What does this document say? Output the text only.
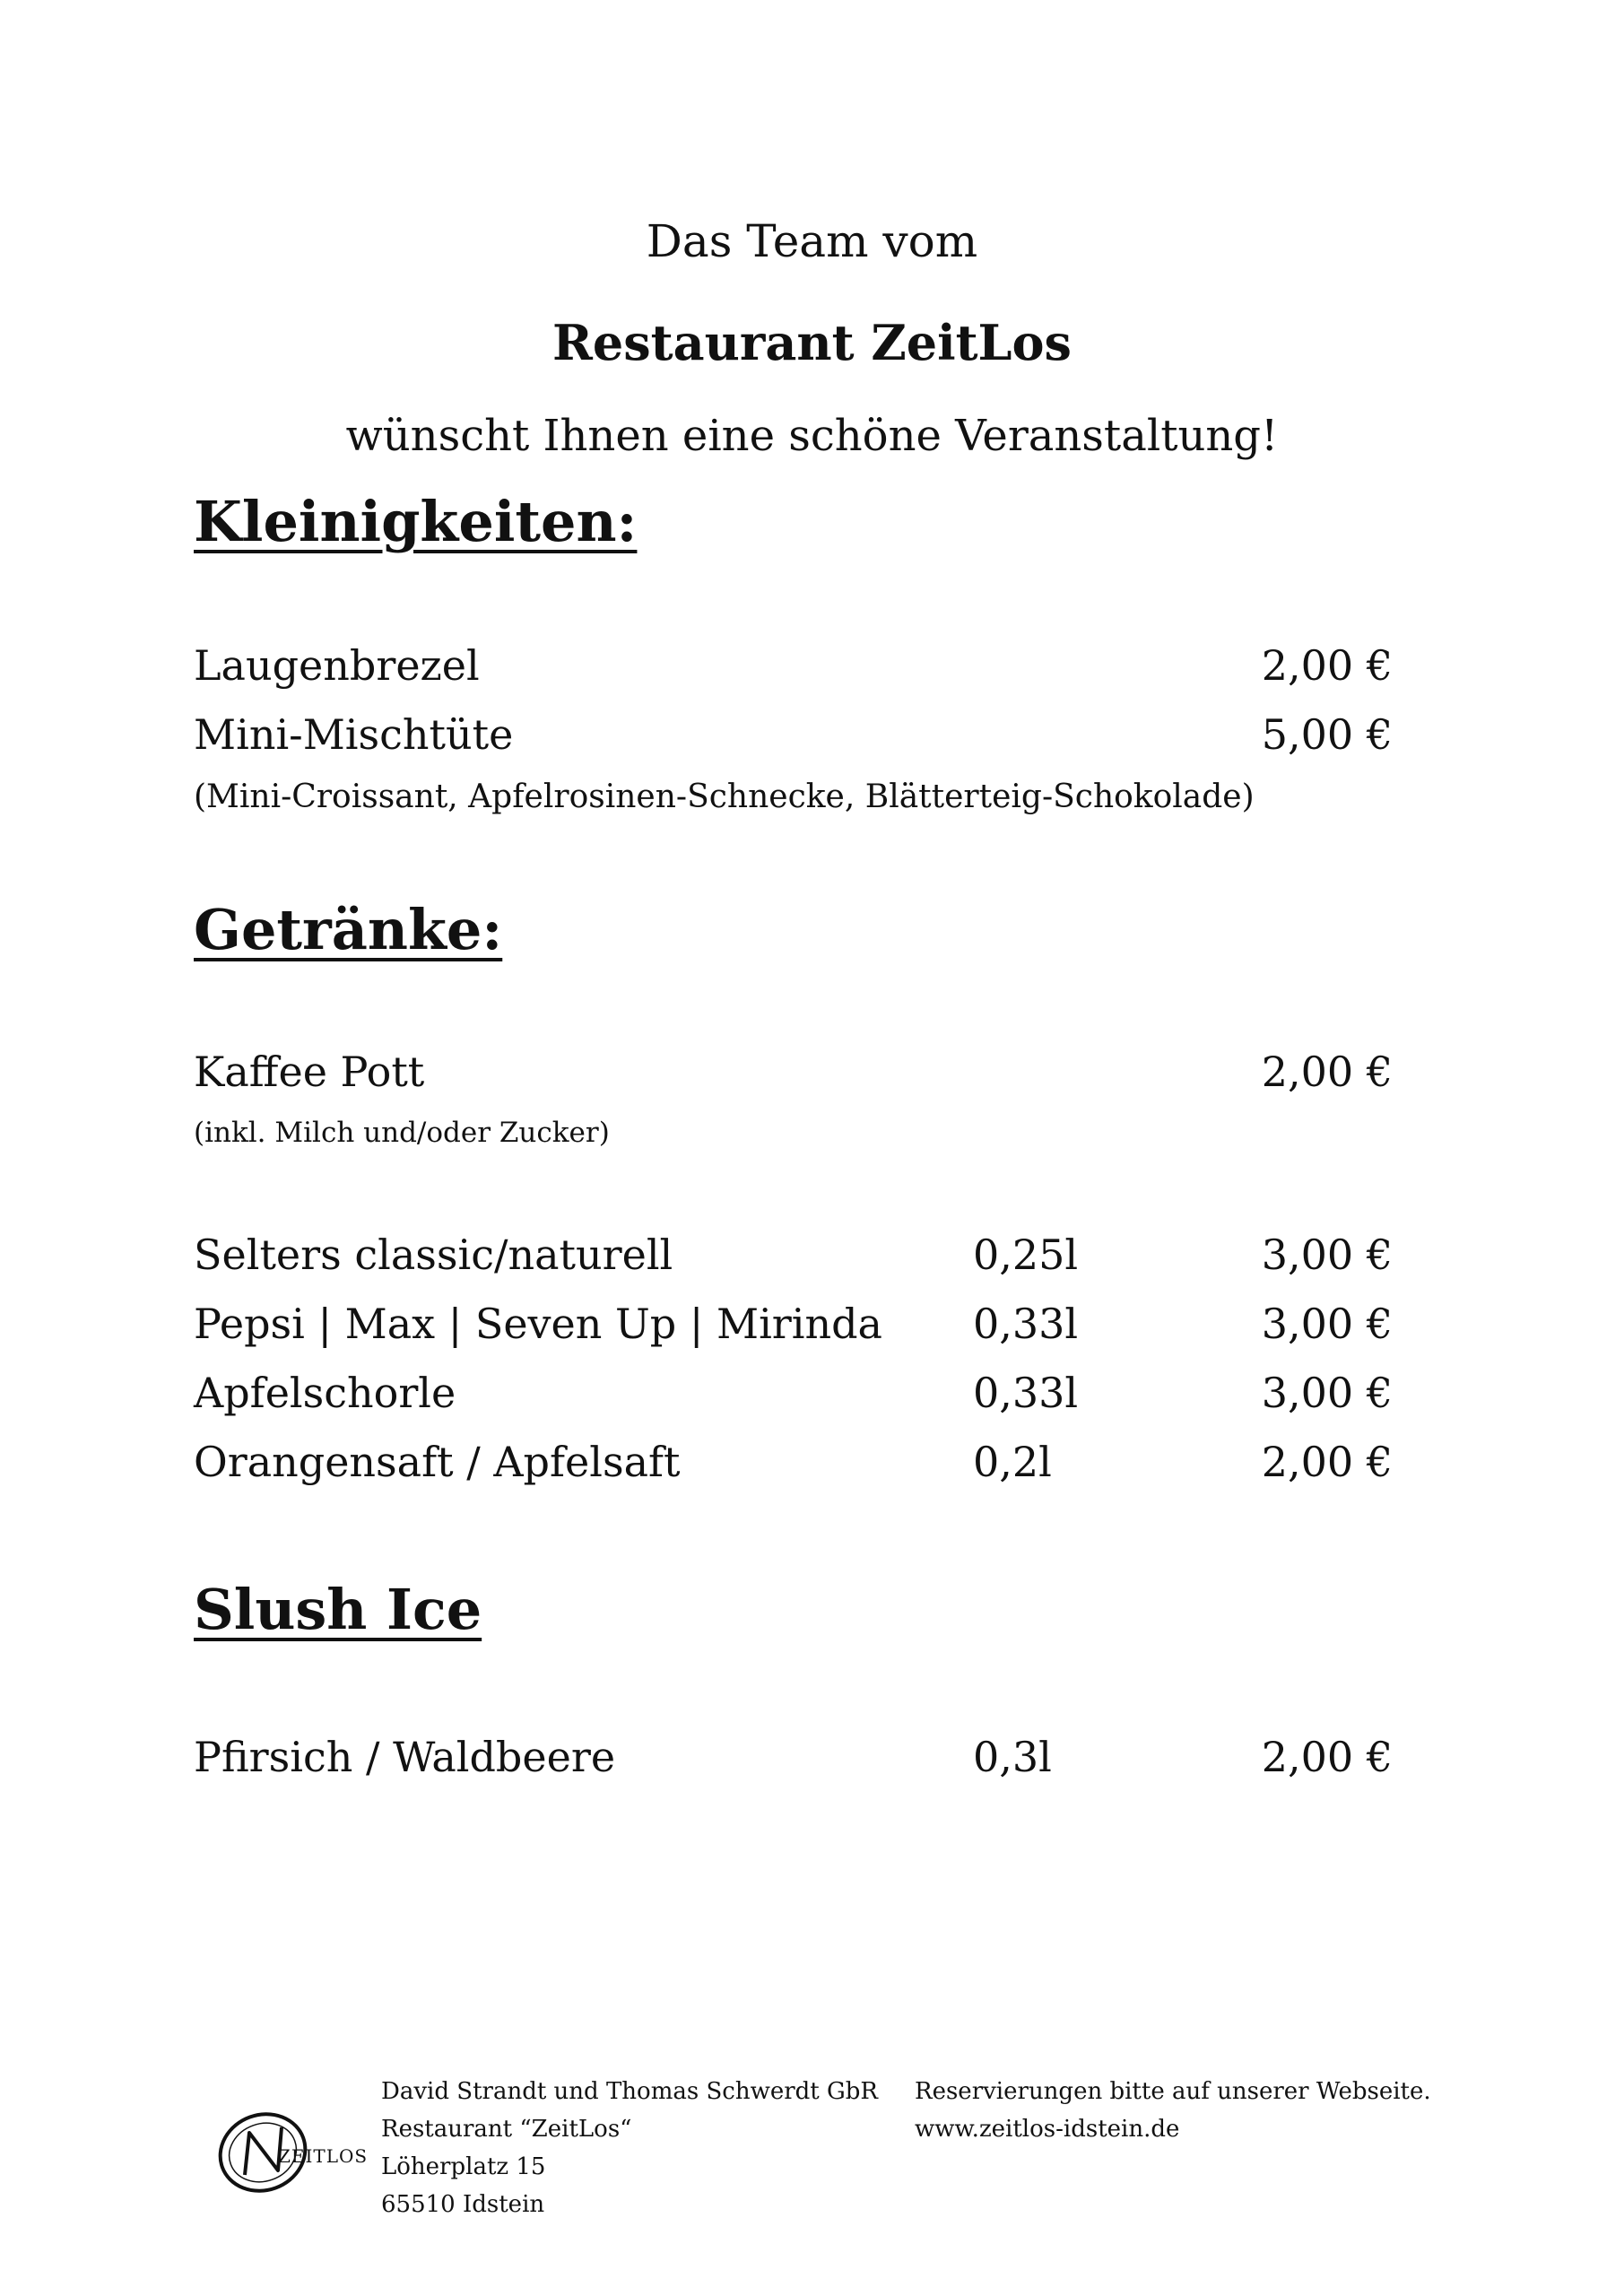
Das Team vom
Restaurant ZeitLos
wünscht Ihnen eine schöne Veranstaltung!
Kleinigkeiten:
Laugenbrezel	2,00 €
Mini-Mischtüte	5,00 €
(Mini-Croissant, Apfelrosinen-Schnecke, Blätterteig-Schokolade)
Getränke:
Kaffee Pott	2,00 €
(inkl. Milch und/oder Zucker)
Selters classic/naturell	0,25l	3,00 €
Pepsi | Max | Seven Up | Mirinda 0,33l	3,00 €
Apfelschorle	0,33l	3,00 €
Orangensaft / Apfelsaft	0,2l	2,00 €
Slush Ice
Pfirsich / Waldbeere	0,3l	2,00 €
ZEITLOS
David Strandt und Thomas Schwerdt GbR
Restaurant “ZeitLos“
Löherplatz 15
65510 Idstein
Reservierungen bitte auf unserer Webseite.
www.zeitlos-idstein.de
